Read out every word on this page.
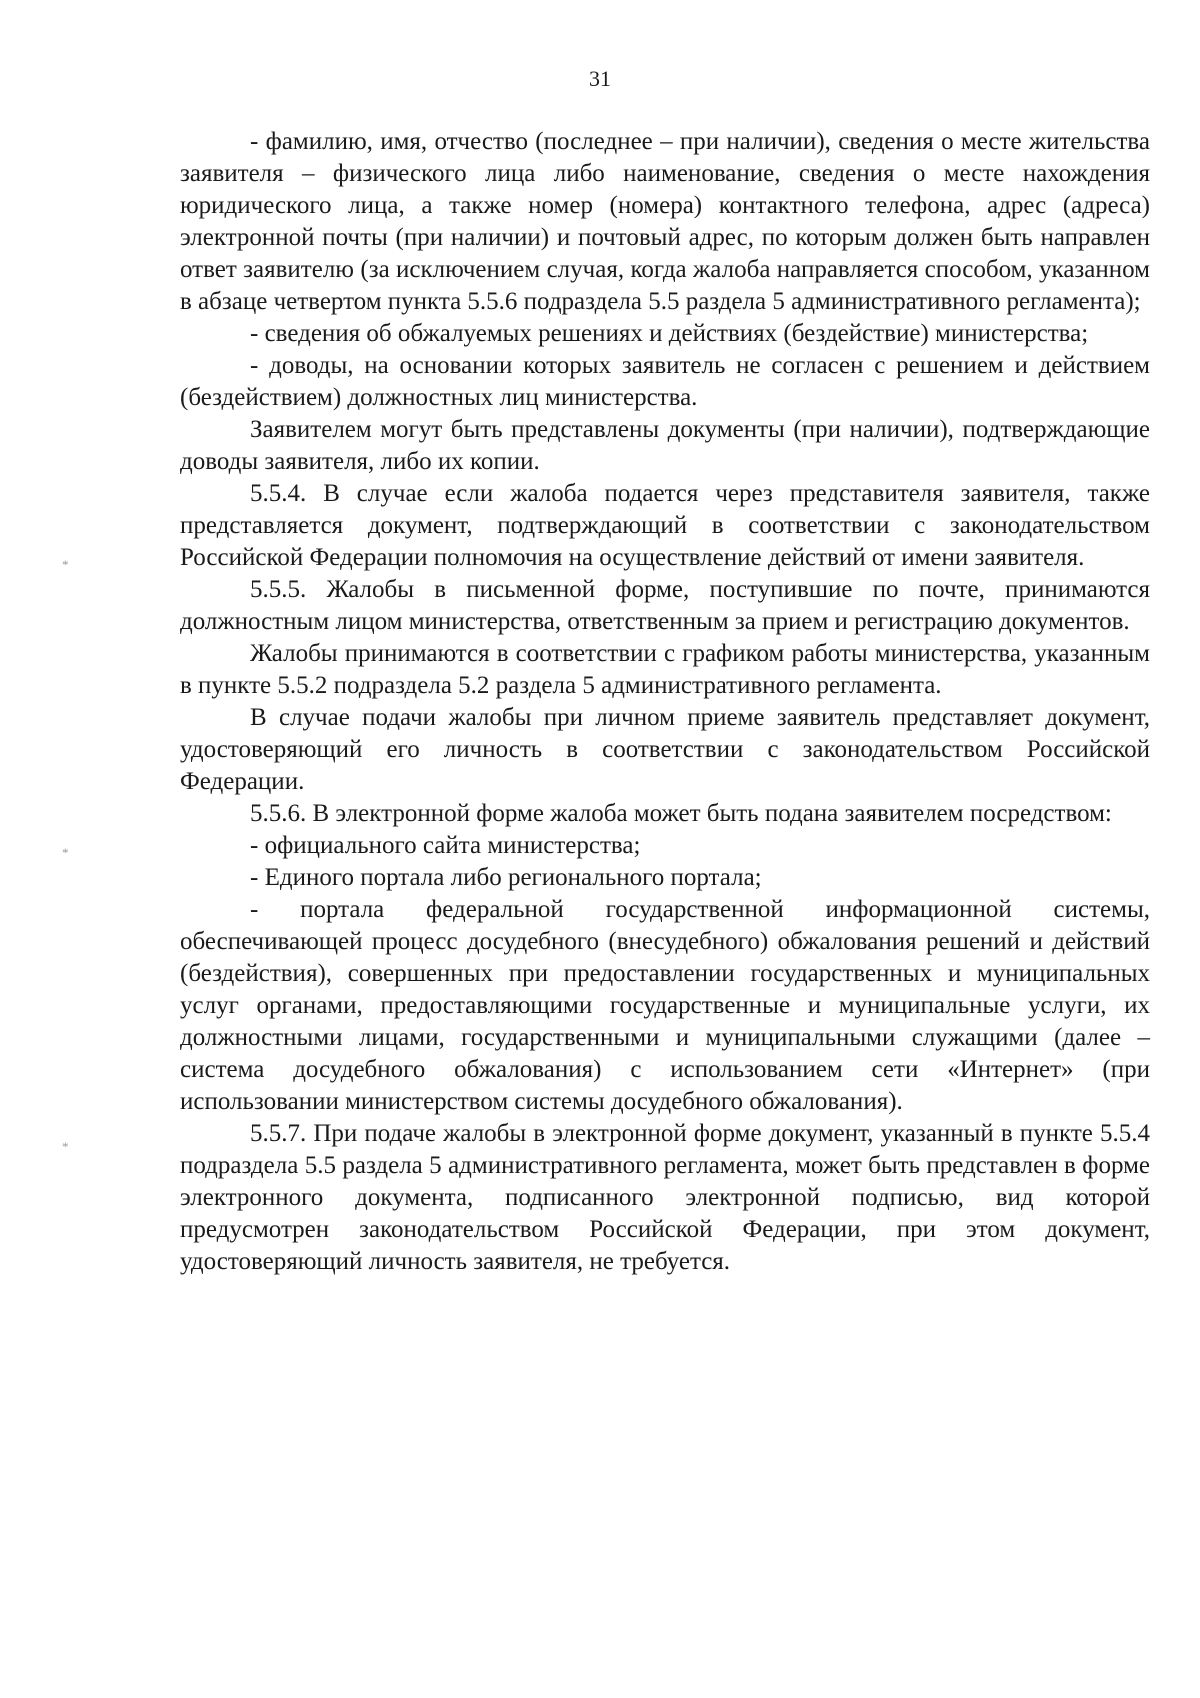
31
*
*
*

- фамилию, имя, отчество (последнее – при наличии), сведения о месте жительства заявителя – физического лица либо наименование, сведения о месте нахождения юридического лица, а также номер (номера) контактного телефона, адрес (адреса) электронной почты (при наличии) и почтовый адрес, по которым должен быть направлен ответ заявителю (за исключением случая, когда жалоба направляется способом, указанном в абзаце четвертом пункта 5.5.6 подраздела 5.5 раздела 5 административного регламента);

- сведения об обжалуемых решениях и действиях (бездействие) министерства;

- доводы, на основании которых заявитель не согласен с решением и действием (бездействием) должностных лиц министерства.

Заявителем могут быть представлены документы (при наличии), подтверждающие доводы заявителя, либо их копии.

5.5.4. В случае если жалоба подается через представителя заявителя, также представляется документ, подтверждающий в соответствии с законодательством Российской Федерации полномочия на осуществление действий от имени заявителя.

5.5.5. Жалобы в письменной форме, поступившие по почте, принимаются должностным лицом министерства, ответственным за прием и регистрацию документов.

Жалобы принимаются в соответствии с графиком работы министерства, указанным в пункте 5.5.2 подраздела 5.2 раздела 5 административного регламента.

В случае подачи жалобы при личном приеме заявитель представляет документ, удостоверяющий его личность в соответствии с законодательством Российской Федерации.

5.5.6. В электронной форме жалоба может быть подана заявителем посредством:

- официального сайта министерства;

- Единого портала либо регионального портала;

- портала федеральной государственной информационной системы, обеспечивающей процесс досудебного (внесудебного) обжалования решений и действий (бездействия), совершенных при предоставлении государственных и муниципальных услуг органами, предоставляющими государственные и муниципальные услуги, их должностными лицами, государственными и муниципальными служащими (далее – система досудебного обжалования) с использованием сети «Интернет» (при использовании министерством системы досудебного обжалования).

5.5.7. При подаче жалобы в электронной форме документ, указанный в пункте 5.5.4 подраздела 5.5 раздела 5 административного регламента, может быть представлен в форме электронного документа, подписанного электронной подписью, вид которой предусмотрен законодательством Российской Федерации, при этом документ, удостоверяющий личность заявителя, не требуется.
